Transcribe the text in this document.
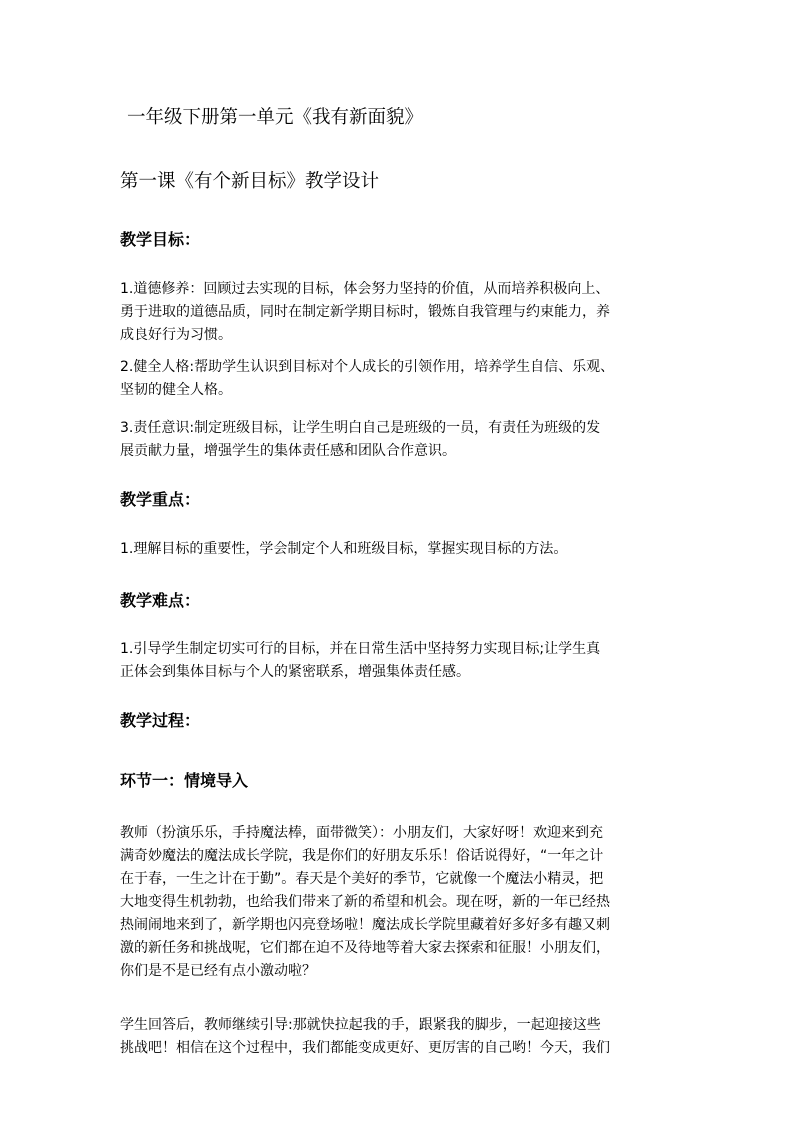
一年级下册第一单元《我有新面貌》
第一课《有个新目标》教学设计
教学目标：
1.道德修养：回顾过去实现的目标，体会努力坚持的价值，从而培养积极向上、
勇于进取的道德品质，同时在制定新学期目标时，锻炼自我管理与约束能力，养
成良好行为习惯。
2.健全人格:帮助学生认识到目标对个人成长的引领作用，培养学生自信、乐观、
坚韧的健全人格。
3.责任意识:制定班级目标，让学生明白自己是班级的一员，有责任为班级的发
展贡献力量，增强学生的集体责任感和团队合作意识。
教学重点：
1.理解目标的重要性，学会制定个人和班级目标，掌握实现目标的方法。
教学难点：
1.引导学生制定切实可行的目标，并在日常生活中坚持努力实现目标;让学生真
正体会到集体目标与个人的紧密联系，增强集体责任感。
教学过程：
环节一：情境导入
教师（扮演乐乐，手持魔法棒，面带微笑）：小朋友们，大家好呀！欢迎来到充
满奇妙魔法的魔法成长学院，我是你们的好朋友乐乐！俗话说得好，“一年之计
在于春，一生之计在于勤”。春天是个美好的季节，它就像一个魔法小精灵，把
大地变得生机勃勃，也给我们带来了新的希望和机会。现在呀，新的一年已经热
热闹闹地来到了，新学期也闪亮登场啦！魔法成长学院里藏着好多好多有趣又刺
激的新任务和挑战呢，它们都在迫不及待地等着大家去探索和征服！小朋友们，
你们是不是已经有点小激动啦？
学生回答后，教师继续引导:那就快拉起我的手，跟紧我的脚步，一起迎接这些
挑战吧！相信在这个过程中，我们都能变成更好、更厉害的自己哟！今天，我们
